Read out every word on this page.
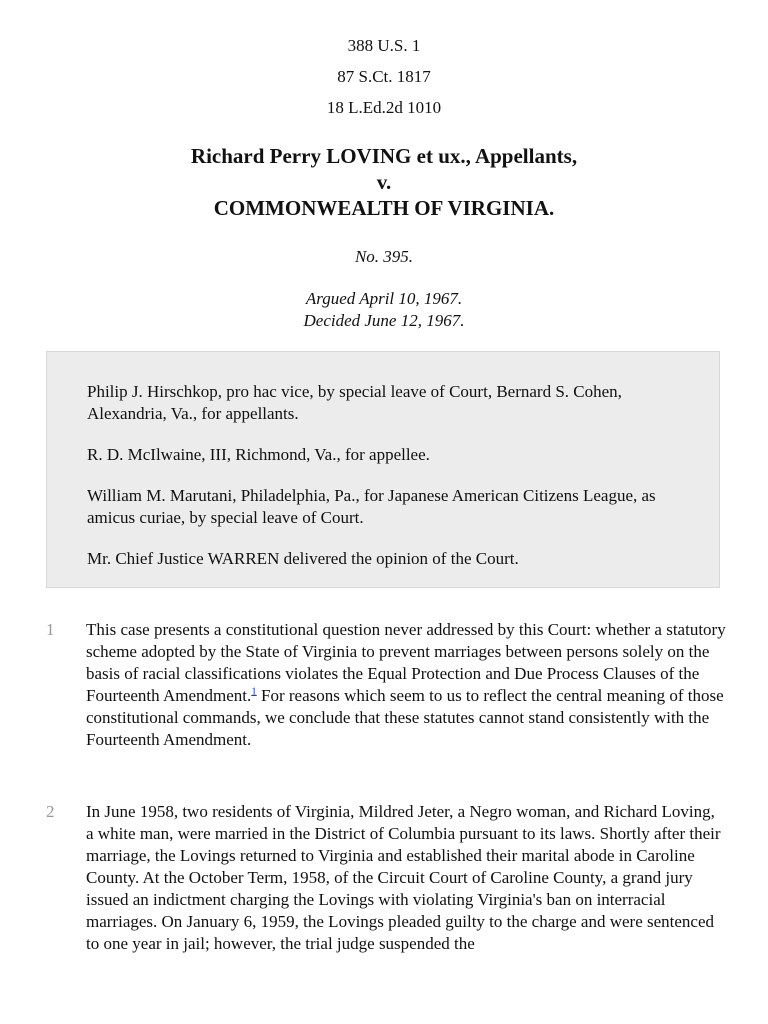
388 U.S. 1
87 S.Ct. 1817
18 L.Ed.2d 1010
Richard Perry LOVING et ux., Appellants,
v.
COMMONWEALTH OF VIRGINIA.
No. 395.
Argued April 10, 1967.
Decided June 12, 1967.

Philip J. Hirschkop, pro hac vice, by special leave of Court, Bernard S. Cohen, Alexandria, Va., for appellants.

R. D. McIlwaine, III, Richmond, Va., for appellee.

William M. Marutani, Philadelphia, Pa., for Japanese American Citizens League, as amicus curiae, by special leave of Court.

Mr. Chief Justice WARREN delivered the opinion of the Court.

1 This case presents a constitutional question never addressed by this Court: whether a statutory scheme adopted by the State of Virginia to prevent marriages between persons solely on the basis of racial classifications violates the Equal Protection and Due Process Clauses of the Fourteenth Amendment.$^1$ For reasons which seem to us to reflect the central meaning of those constitutional commands, we conclude that these statutes cannot stand consistently with the Fourteenth Amendment.

2 In June 1958, two residents of Virginia, Mildred Jeter, a Negro woman, and Richard Loving, a white man, were married in the District of Columbia pursuant to its laws. Shortly after their marriage, the Lovings returned to Virginia and established their marital abode in Caroline County. At the October Term, 1958, of the Circuit Court of Caroline County, a grand jury issued an indictment charging the Lovings with violating Virginia's ban on interracial marriages. On January 6, 1959, the Lovings pleaded guilty to the charge and were sentenced to one year in jail; however, the trial judge suspended the
